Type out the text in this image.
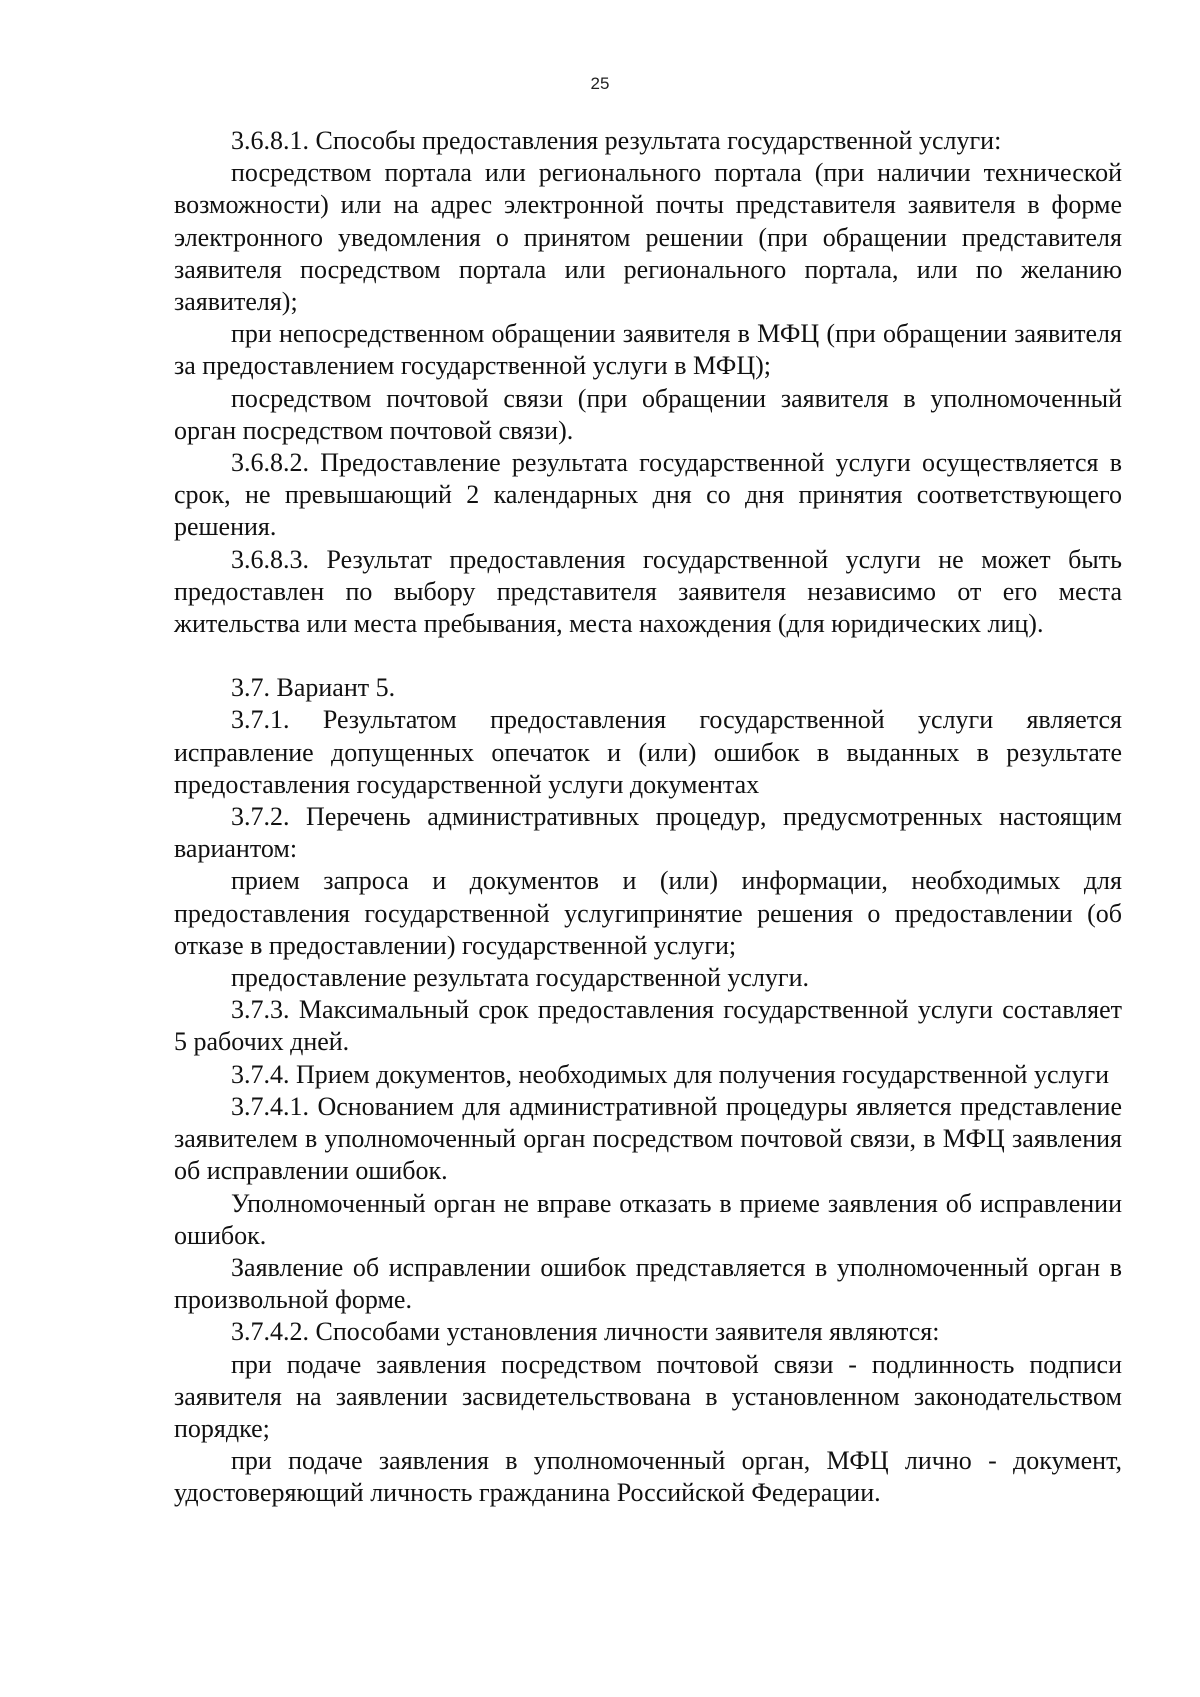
25

3.6.8.1. Способы предоставления результата государственной услуги:

посредством портала или регионального портала (при наличии технической возможности) или на адрес электронной почты представителя заявителя в форме электронного уведомления о принятом решении (при обращении представителя заявителя посредством портала или регионального портала, или по желанию заявителя);

при непосредственном обращении заявителя в МФЦ (при обращении заявителя за предоставлением государственной услуги в МФЦ);

посредством почтовой связи (при обращении заявителя в уполномоченный орган посредством почтовой связи).

3.6.8.2. Предоставление результата государственной услуги осуществляется в срок, не превышающий 2 календарных дня со дня принятия соответствующего решения.

3.6.8.3. Результат предоставления государственной услуги не может быть предоставлен по выбору представителя заявителя независимо от его места жительства или места пребывания, места нахождения (для юридических лиц).

3.7. Вариант 5.

3.7.1. Результатом предоставления государственной услуги является исправление допущенных опечаток и (или) ошибок в выданных в результате предоставления государственной услуги документах

3.7.2. Перечень административных процедур, предусмотренных настоящим вариантом:

прием запроса и документов и (или) информации, необходимых для предоставления государственной услугипринятие решения о предоставлении (об отказе в предоставлении) государственной услуги;

предоставление результата государственной услуги.

3.7.3. Максимальный срок предоставления государственной услуги составляет 5 рабочих дней.

3.7.4. Прием документов, необходимых для получения государственной услуги

3.7.4.1. Основанием для административной процедуры является представление заявителем в уполномоченный орган посредством почтовой связи, в МФЦ заявления об исправлении ошибок.

Уполномоченный орган не вправе отказать в приеме заявления об исправлении ошибок.

Заявление об исправлении ошибок представляется в уполномоченный орган в произвольной форме.

3.7.4.2. Способами установления личности заявителя являются:

при подаче заявления посредством почтовой связи - подлинность подписи заявителя на заявлении засвидетельствована в установленном законодательством порядке;

при подаче заявления в уполномоченный орган, МФЦ лично - документ, удостоверяющий личность гражданина Российской Федерации.
